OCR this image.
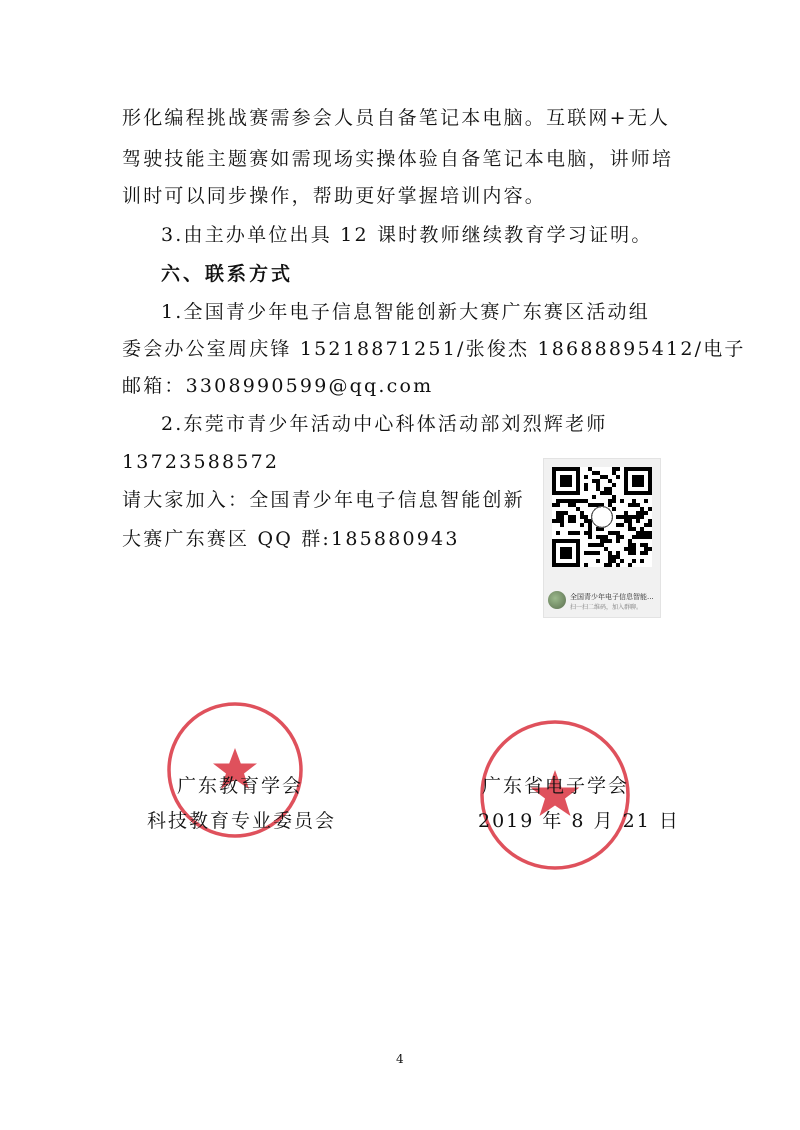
形化编程挑战赛需参会人员自备笔记本电脑。互联网+无人
驾驶技能主题赛如需现场实操体验自备笔记本电脑，讲师培
训时可以同步操作，帮助更好掌握培训内容。
3.由主办单位出具 12 课时教师继续教育学习证明。
六、联系方式
1.全国青少年电子信息智能创新大赛广东赛区活动组
委会办公室周庆锋 15218871251/张俊杰 18688895412/电子
邮箱：3308990599@qq.com
2.东莞市青少年活动中心科体活动部刘烈辉老师
13723588572
请大家加入：全国青少年电子信息智能创新
大赛广东赛区 QQ 群:185880943
全国青少年电子信息智能...
扫一扫二维码，加入群聊。
广东教育学会
科技教育专业委员会
广东省电子学会
2019 年 8 月 21 日
4
